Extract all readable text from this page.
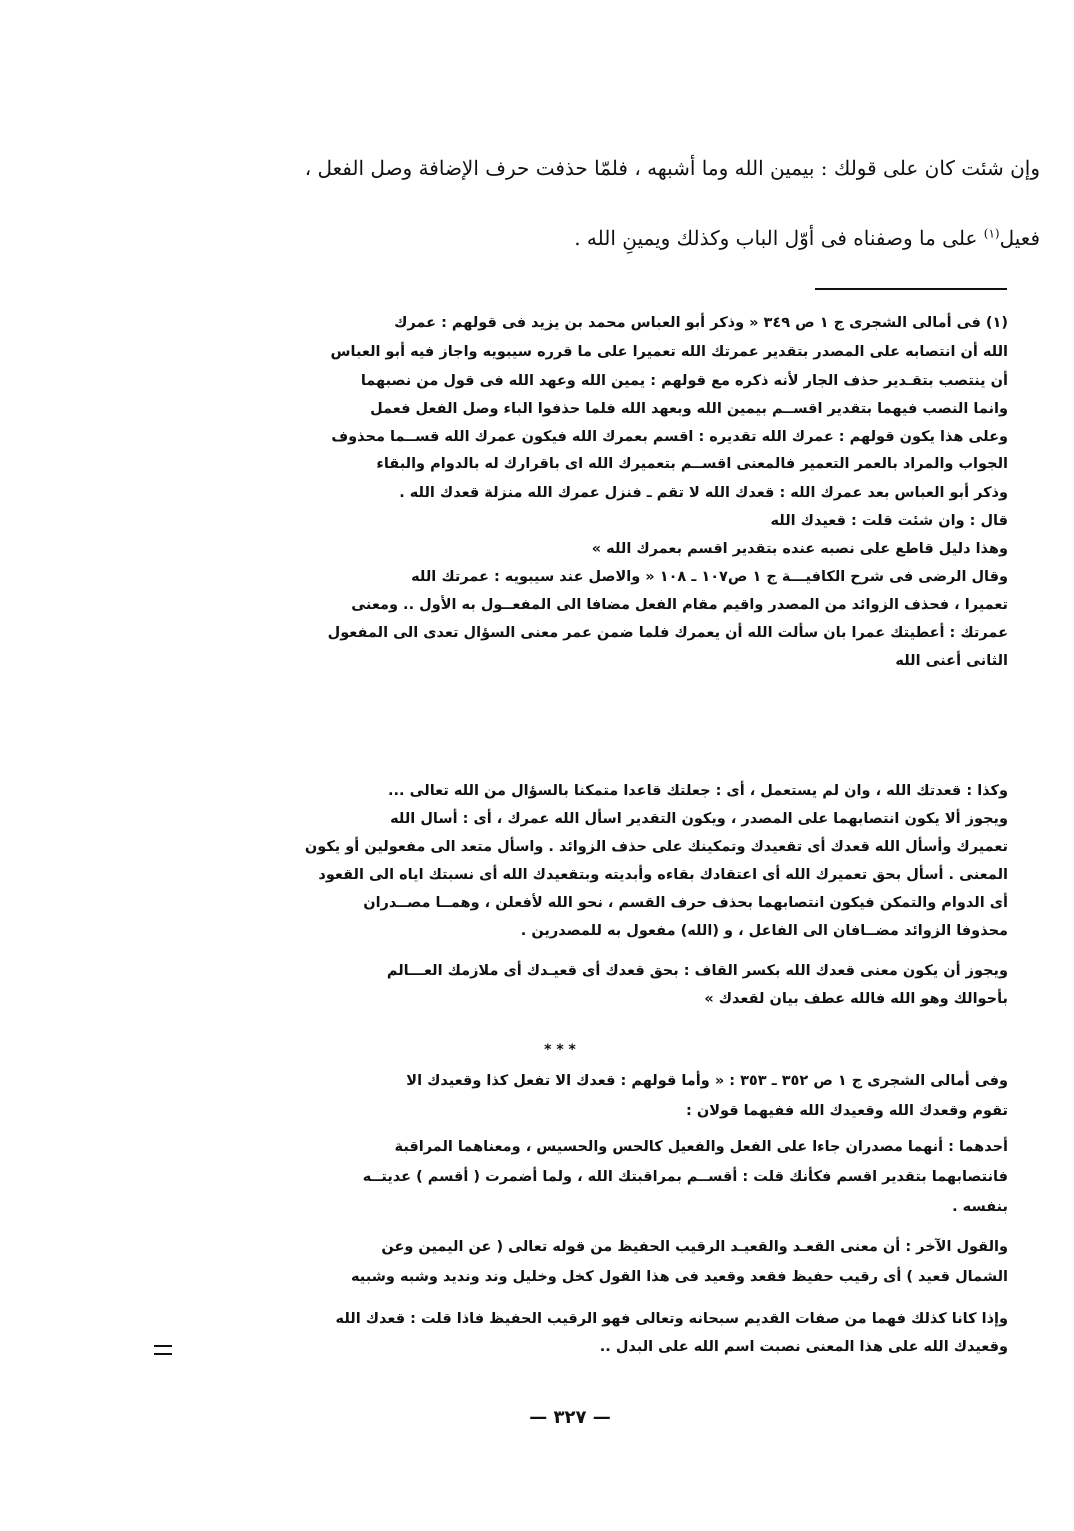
وإن شئت كان على قولك : بيمين الله وما أشبهه ، فلمّا حذفت حرف الإضافة وصل الفعل ،
فعيل$^{(١)}$ على ما وصفناه فى أوّل الباب وكذلك ويمينِ الله .
(١) فى أمالى الشجرى ج ١ ص ٣٤٩ « وذكر أبو العباس محمد بن يزيد فى قولهم : عمرك
الله أن انتصابه على المصدر بتقدير عمرتك الله تعميرا على ما قرره سيبويه واجاز فيه أبو العباس
أن ينتصب بتقـدير حذف الجار لأنه ذكره مع قولهم : يمين الله وعهد الله فى قول من نصبهما
وانما النصب فيهما بتقدير اقســم بيمين الله وبعهد الله فلما حذفوا الباء وصل الفعل فعمل
وعلى هذا يكون قولهم : عمرك الله تقديره : اقسم بعمرك الله فيكون عمرك الله قســما محذوف
الجواب والمراد بالعمر التعمير فالمعنى اقســم بتعميرك الله اى باقرارك له بالدوام والبقاء
وذكر أبو العباس بعد عمرك الله : قعدك الله لا تقم ـ فنزل عمرك الله منزلة قعدك الله .
قال : وان شئت قلت : قعيدك الله
وهذا دليل قاطع على نصبه عنده بتقدير اقسم بعمرك الله »
وقال الرضى فى شرح الكافيـــة ج ١ ص١٠٧ ـ ١٠٨ « والاصل عند سيبويه : عمرتك الله
تعميرا ، فحذف الزوائد من المصدر واقيم مقام الفعل مضافا الى المفعــول به الأول .. ومعنى
عمرتك : أعطيتك عمرا بان سألت الله أن يعمرك فلما ضمن عمر معنى السؤال تعدى الى المفعول
الثانى أعنى الله
وكذا : قعدتك الله ، وان لم يستعمل ، أى : جعلتك قاعدا متمكنا بالسؤال من الله تعالى ...
ويجوز ألا يكون انتصابهما على المصدر ، ويكون التقدير اسأل الله عمرك ، أى : أسال الله
تعميرك وأسأل الله قعدك أى تقعيدك وتمكينك على حذف الزوائد . واسأل متعد الى مفعولين أو يكون
المعنى . أسأل بحق تعميرك الله أى اعتقادك بقاءه وأبديته وبتقعيدك الله أى نسبتك اياه الى القعود
أى الدوام والتمكن فيكون انتصابهما بحذف حرف القسم ، نحو الله لأفعلن ، وهمــا مصــدران
محذوفا الزوائد مضــافان الى الفاعل ، و (الله) مفعول به للمصدرين .
ويجوز أن يكون معنى قعدك الله بكسر القاف : بحق قعدك أى قعيـدك أى ملازمك العـــالم
بأحوالك وهو الله فالله عطف بيان لقعدك »
* * *
وفى أمالى الشجرى ج ١ ص ٣٥٢ ـ ٣٥٣ : « وأما قولهم : قعدك الا تفعل كذا وقعيدك الا
تقوم وقعدك الله وقعيدك الله ففيهما قولان :
أحدهما : أنهما مصدران جاءا على الفعل والفعيل كالحس والحسيس ، ومعناهما المراقبة
فانتصابهما بتقدير اقسم فكأنك قلت : أقســم بمراقبتك الله ، ولما أضمرت ( أقسم ) عديتــه
بنفسه .
والقول الآخر : أن معنى القعـد والقعيـد الرقيب الحفيظ من قوله تعالى ( عن اليمين وعن
الشمال قعيد ) أى رقيب حفيظ فقعد وقعيد فى هذا القول كخل وخليل وند ونديد وشبه وشبيه
وإذا كانا كذلك فهما من صفات القديم سبحانه وتعالى فهو الرقيب الحفيظ فاذا قلت : قعدك الله
وقعيدك الله على هذا المعنى نصبت اسم الله على البدل ..
— ٣٢٧ —
